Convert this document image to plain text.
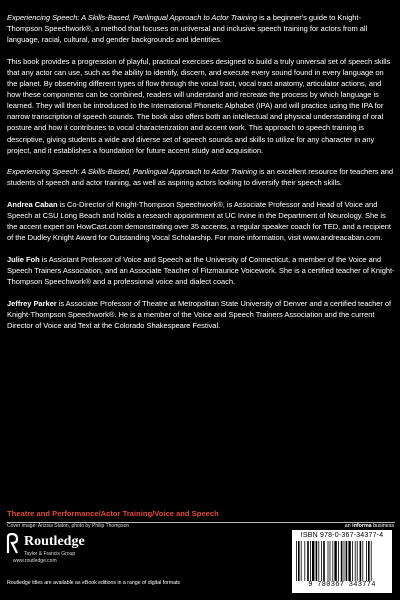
Experiencing Speech: A Skills-Based, Panlingual Approach to Actor Training is a beginner's guide to Knight-Thompson Speechwork®, a method that focuses on universal and inclusive speech training for actors from all language, racial, cultural, and gender backgrounds and identities.

This book provides a progression of playful, practical exercises designed to build a truly universal set of speech skills that any actor can use, such as the ability to identify, discern, and execute every sound found in every language on the planet. By observing different types of flow through the vocal tract, vocal tract anatomy, articulator actions, and how these components can be combined, readers will understand and recreate the process by which language is learned. They will then be introduced to the International Phonetic Alphabet (IPA) and will practice using the IPA for narrow transcription of speech sounds. The book also offers both an intellectual and physical understanding of oral posture and how it contributes to vocal characterization and accent work. This approach to speech training is descriptive, giving students a wide and diverse set of speech sounds and skills to utilize for any character in any project, and it establishes a foundation for future accent study and acquisition.

Experiencing Speech: A Skills-Based, Panlingual Approach to Actor Training is an excellent resource for teachers and students of speech and actor training, as well as aspiring actors looking to diversify their speech skills.

Andrea Caban is Co-Director of Knight-Thompson Speechwork®, is Associate Professor and Head of Voice and Speech at CSU Long Beach and holds a research appointment at UC Irvine in the Department of Neurology. She is the accent expert on HowCast.com demonstrating over 35 accents, a regular speaker coach for TED, and a recipient of the Dudley Knight Award for Outstanding Vocal Scholarship. For more information, visit www.andreacaban.com.

Julie Foh is Assistant Professor of Voice and Speech at the University of Connecticut, a member of the Voice and Speech Trainers Association, and an Associate Teacher of Fitzmaurice Voicework. She is a certified teacher of Knight-Thompson Speechwork® and a professional voice and dialect coach.

Jeffrey Parker is Associate Professor of Theatre at Metropolitan State University of Denver and a certified teacher of Knight-Thompson Speechwork®. He is a member of the Voice and Speech Trainers Association and the current Director of Voice and Text at the Colorado Shakespeare Festival.

Theatre and Performance/Actor Training/Voice and Speech
Cover image: Arizsia Staton, photo by Philip Thompson
Routledge
Taylor & Francis Group
www.routledge.com
an informa business
ISBN 978-0-367-34377-4
9 780367 343774
Routledge titles are available as eBook editions in a range of digital formats
